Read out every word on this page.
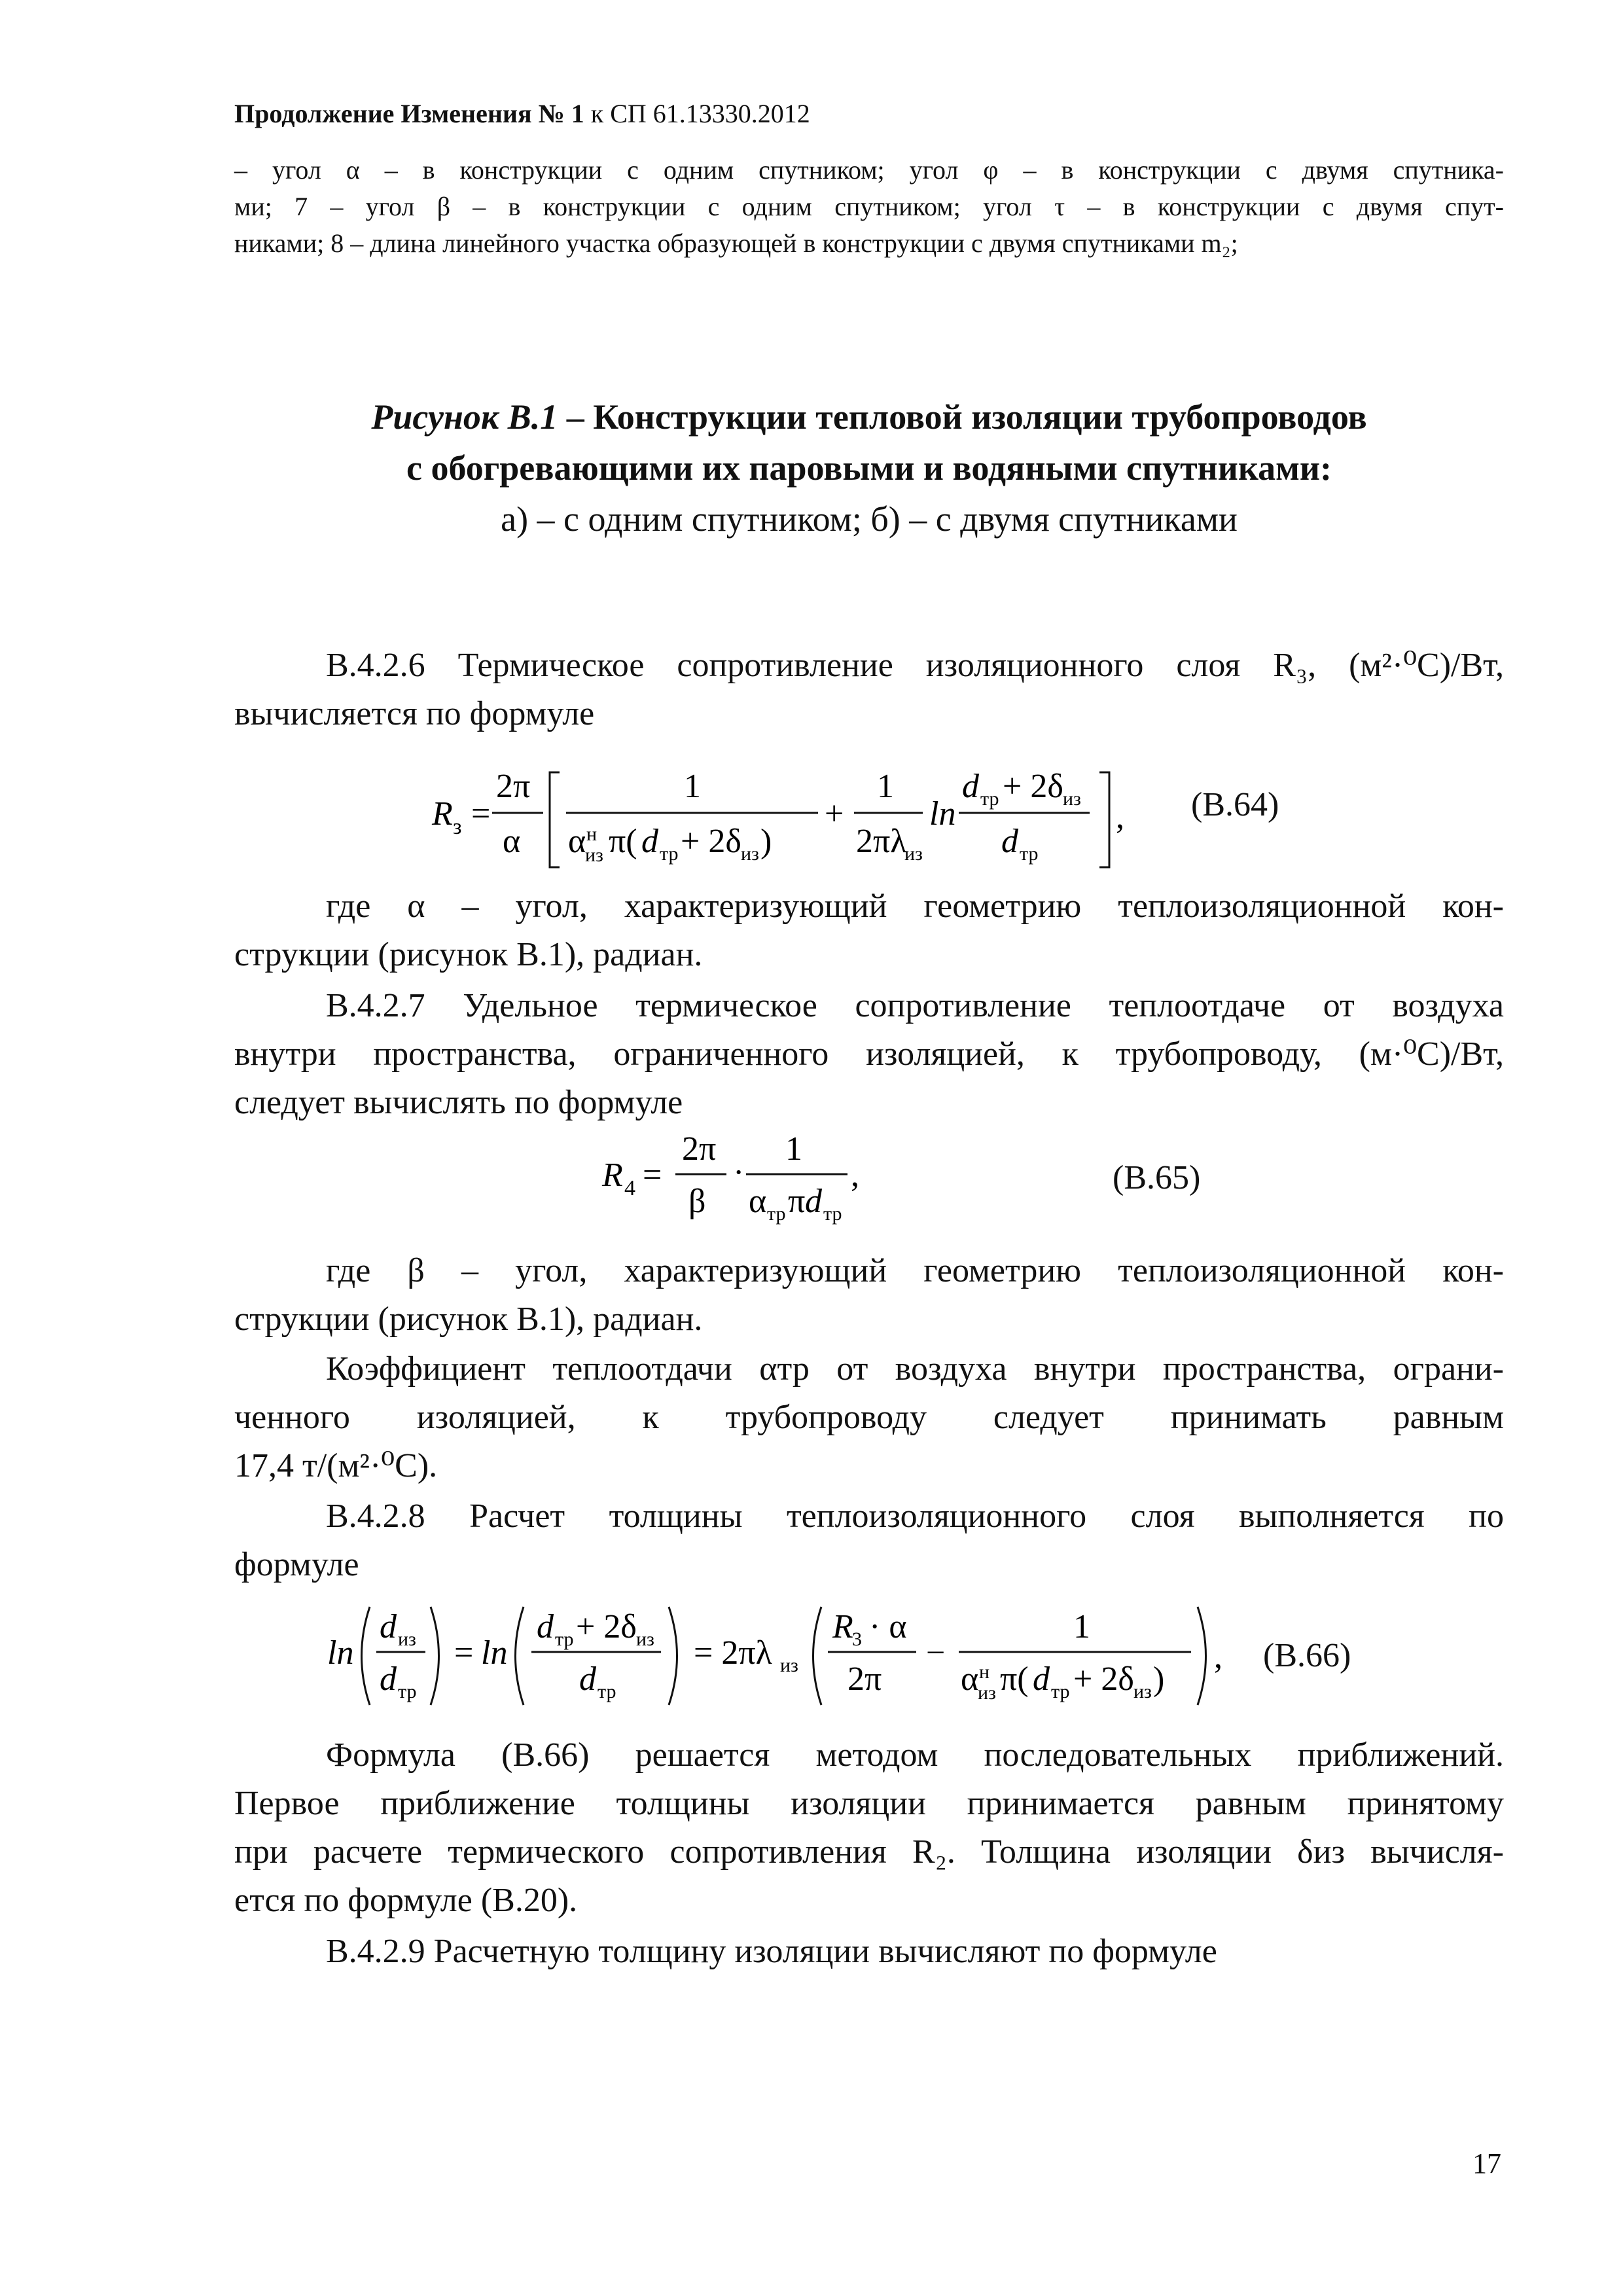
Продолжение Изменения № 1 к СП 61.13330.2012
– угол α – в конструкции с одним спутником; угол φ – в конструкции с двумя спутника-
ми; 7 – угол β – в конструкции с одним спутником; угол τ – в конструкции с двумя спут-
никами; 8 – длина линейного участка образующей в конструкции с двумя спутниками m₂;
Рисунок В.1 – Конструкции тепловой изоляции трубопроводов
с обогревающими их паровыми и водяными спутниками:
а) – с одним спутником; б) – с двумя спутниками
В.4.2.6 Термическое сопротивление изоляционного слоя R₃, (м²·⁰С)/Вт,
вычисляется по формуле
R з =
2π
α
1
α н
из π( d тр + 2δ из )
+
1
2πλ
из
ln
d тр + 2δ из
d тр
, (В.64)
где α – угол, характеризующий геометрию теплоизоляционной кон-
струкции (рисунок В.1), радиан.
В.4.2.7 Удельное термическое сопротивление теплоотдаче от воздуха
внутри пространства, ограниченного изоляцией, к трубопроводу, (м·⁰С)/Вт,
следует вычислять по формуле
R 4 =
2π
β
·
1
α тр π d тр
,	(В.65)
где β – угол, характеризующий геометрию теплоизоляционной кон-
струкции (рисунок В.1), радиан.
Коэффициент теплоотдачи αтр от воздуха внутри пространства, ограни-
ченного изоляцией, к трубопроводу следует принимать равным
17,4 т/(м²·⁰С).
В.4.2.8 Расчет толщины теплоизоляционного слоя выполняется по
формуле
ln
d из
d тр
= ln
d тр + 2δ из
d тр
= 2πλ из
R
3 · α
2π
−
1
α н
из π( d тр + 2δ из )
, (В.66)
Формула (В.66) решается методом последовательных приближений.
Первое приближение толщины изоляции принимается равным принятому
при расчете термического сопротивления R₂. Толщина изоляции δиз вычисля-
ется по формуле (В.20).
В.4.2.9 Расчетную толщину изоляции вычисляют по формуле
17
